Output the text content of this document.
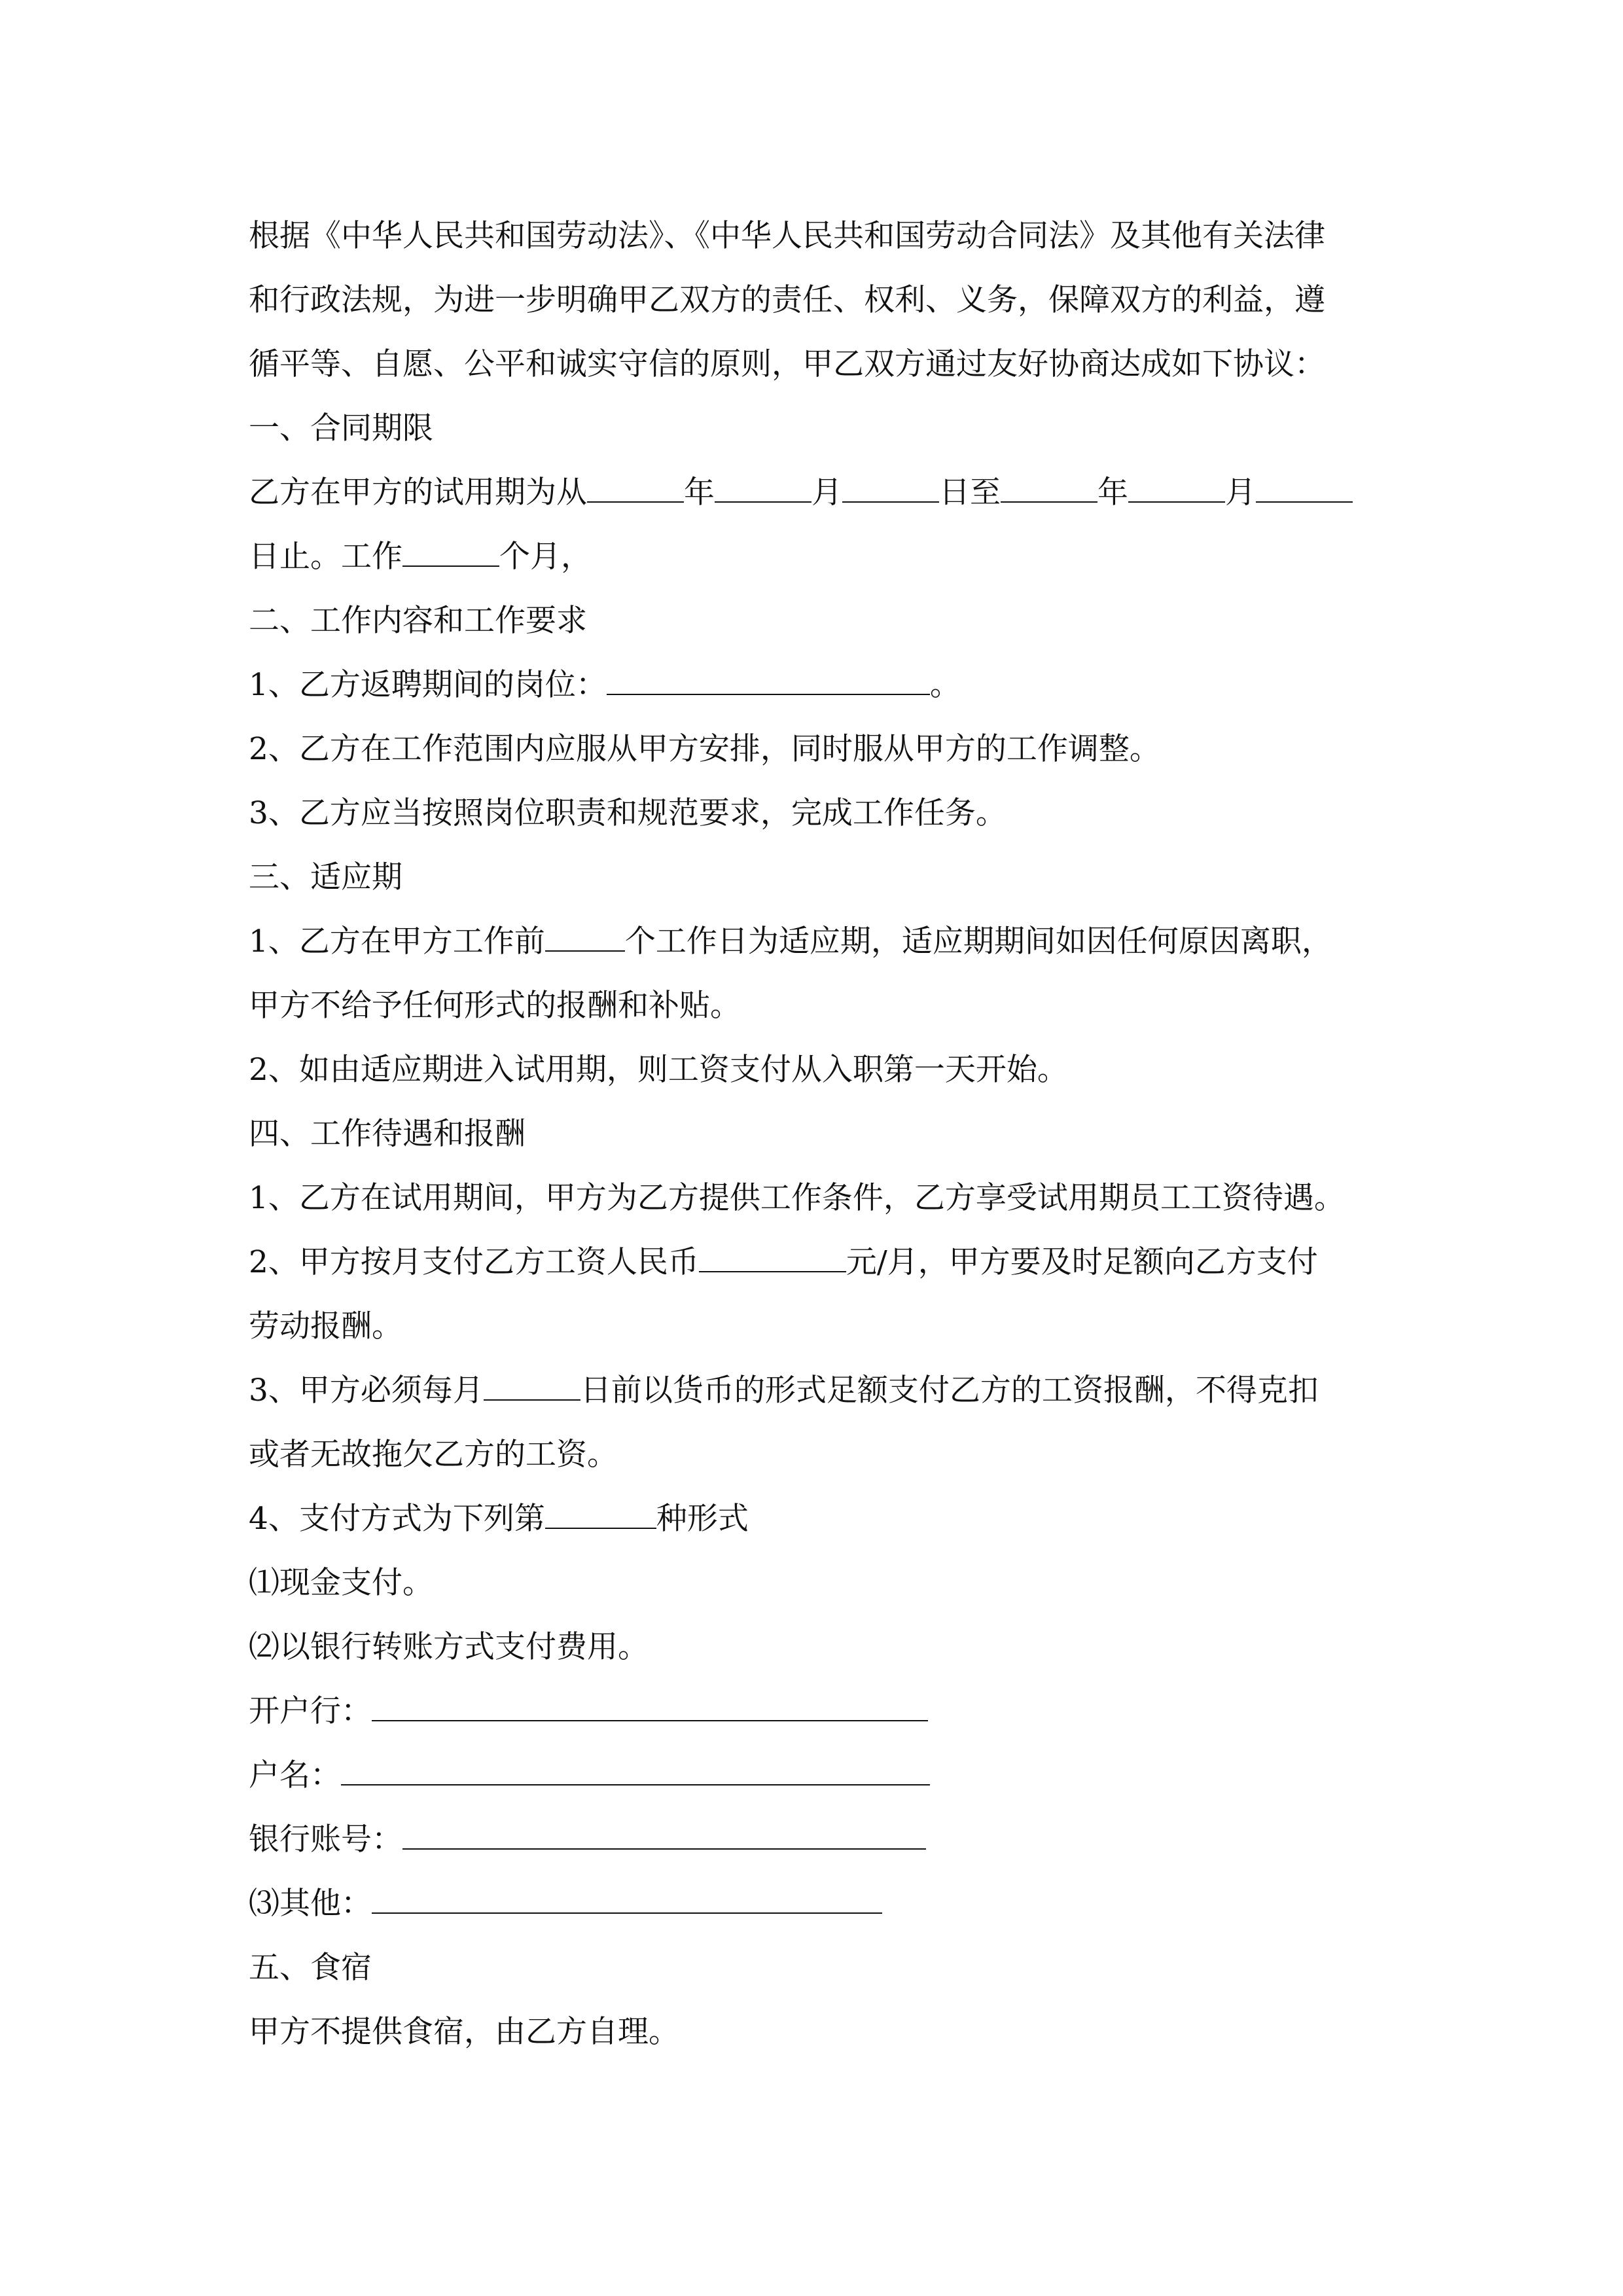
根据《中华人民共和国劳动法》、《中华人民共和国劳动合同法》及其他有关法律
和行政法规，为进一步明确甲乙双方的责任、权利、义务，保障双方的利益，遵
循平等、自愿、公平和诚实守信的原则，甲乙双方通过友好协商达成如下协议：
一、合同期限
乙方在甲方的试用期为从	年	月	日至	年	月
日止。工作	个月，
二、工作内容和工作要求
1、乙方返聘期间的岗位：	。
2、乙方在工作范围内应服从甲方安排，同时服从甲方的工作调整。
3、乙方应当按照岗位职责和规范要求，完成工作任务。
三、适应期
1、乙方在甲方工作前	个工作日为适应期，适应期期间如因任何原因离职，
甲方不给予任何形式的报酬和补贴。
2、如由适应期进入试用期，则工资支付从入职第一天开始。
四、工作待遇和报酬
1、乙方在试用期间，甲方为乙方提供工作条件，乙方享受试用期员工工资待遇。
2、甲方按月支付乙方工资人民币	元/月，甲方要及时足额向乙方支付
劳动报酬。
3、甲方必须每月	日前以货币的形式足额支付乙方的工资报酬，不得克扣
或者无故拖欠乙方的工资。
4、支付方式为下列第	种形式
⑴现金支付。
⑵以银行转账方式支付费用。
开户行：
户名：
银行账号：
⑶其他：
五、食宿
甲方不提供食宿，由乙方自理。
